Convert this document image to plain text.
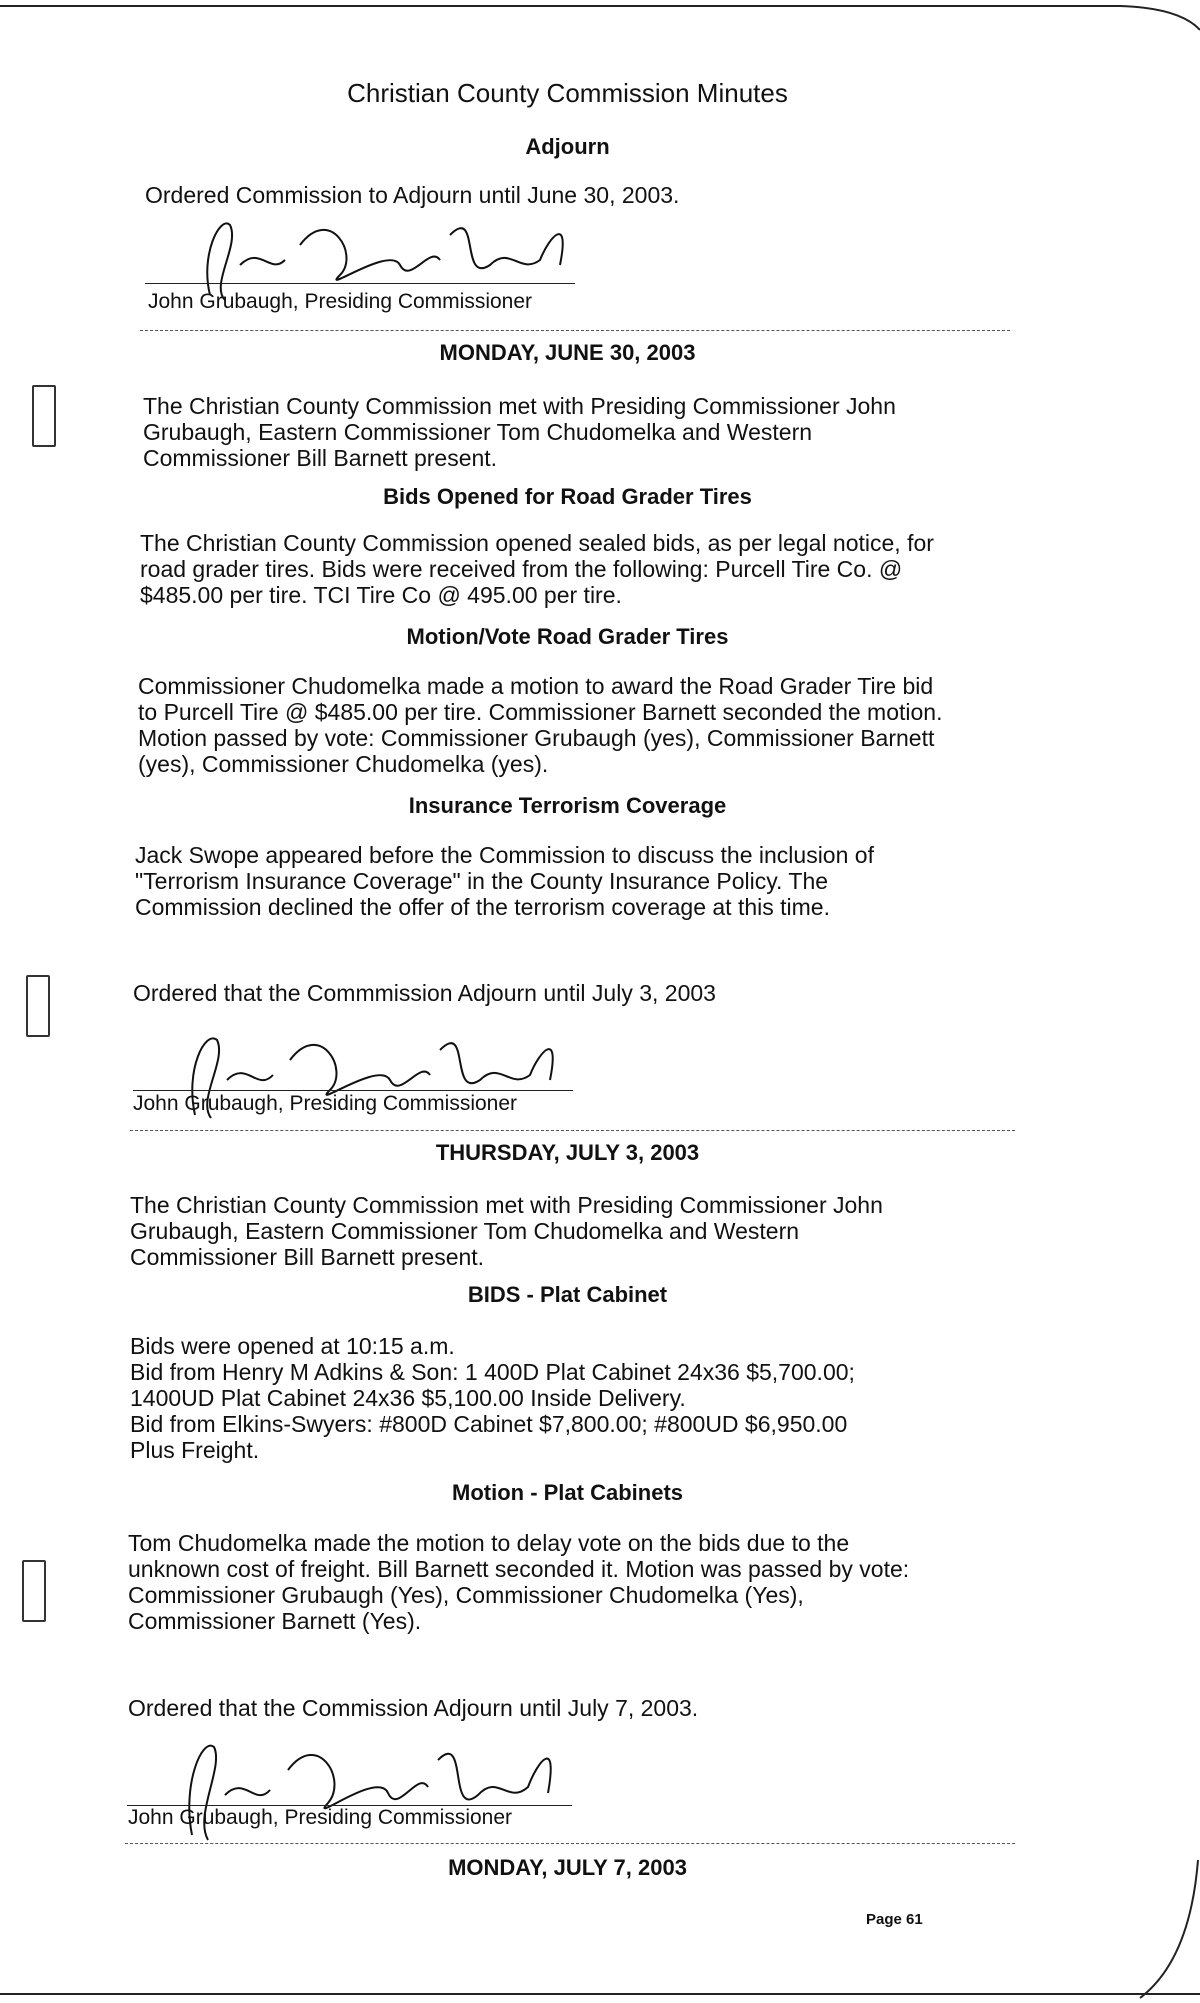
Christian County Commission Minutes
Adjourn
Ordered Commission to Adjourn until June 30, 2003.
John Grubaugh, Presiding Commissioner
MONDAY, JUNE 30, 2003
The Christian County Commission met with Presiding Commissioner John
Grubaugh, Eastern Commissioner Tom Chudomelka and Western
Commissioner Bill Barnett present.
Bids Opened for Road Grader Tires
The Christian County Commission opened sealed bids, as per legal notice, for
road grader tires. Bids were received from the following: Purcell Tire Co. @
$485.00 per tire. TCI Tire Co @ 495.00 per tire.
Motion/Vote Road Grader Tires
Commissioner Chudomelka made a motion to award the Road Grader Tire bid
to Purcell Tire @ $485.00 per tire. Commissioner Barnett seconded the motion.
Motion passed by vote: Commissioner Grubaugh (yes), Commissioner Barnett
(yes), Commissioner Chudomelka (yes).
Insurance Terrorism Coverage
Jack Swope appeared before the Commission to discuss the inclusion of
"Terrorism Insurance Coverage" in the County Insurance Policy. The
Commission declined the offer of the terrorism coverage at this time.
Ordered that the Commmission Adjourn until July 3, 2003
John Grubaugh, Presiding Commissioner
THURSDAY, JULY 3, 2003
The Christian County Commission met with Presiding Commissioner John
Grubaugh, Eastern Commissioner Tom Chudomelka and Western
Commissioner Bill Barnett present.
BIDS - Plat Cabinet
Bids were opened at 10:15 a.m.
Bid from Henry M Adkins & Son: 1 400D Plat Cabinet 24x36 $5,700.00;
1400UD Plat Cabinet 24x36 $5,100.00 Inside Delivery.
Bid from Elkins-Swyers: #800D Cabinet $7,800.00; #800UD $6,950.00
Plus Freight.
Motion - Plat Cabinets
Tom Chudomelka made the motion to delay vote on the bids due to the
unknown cost of freight. Bill Barnett seconded it. Motion was passed by vote:
Commissioner Grubaugh (Yes), Commissioner Chudomelka (Yes),
Commissioner Barnett (Yes).
Ordered that the Commission Adjourn until July 7, 2003.
John Grubaugh, Presiding Commissioner
MONDAY, JULY 7, 2003
Page 61
